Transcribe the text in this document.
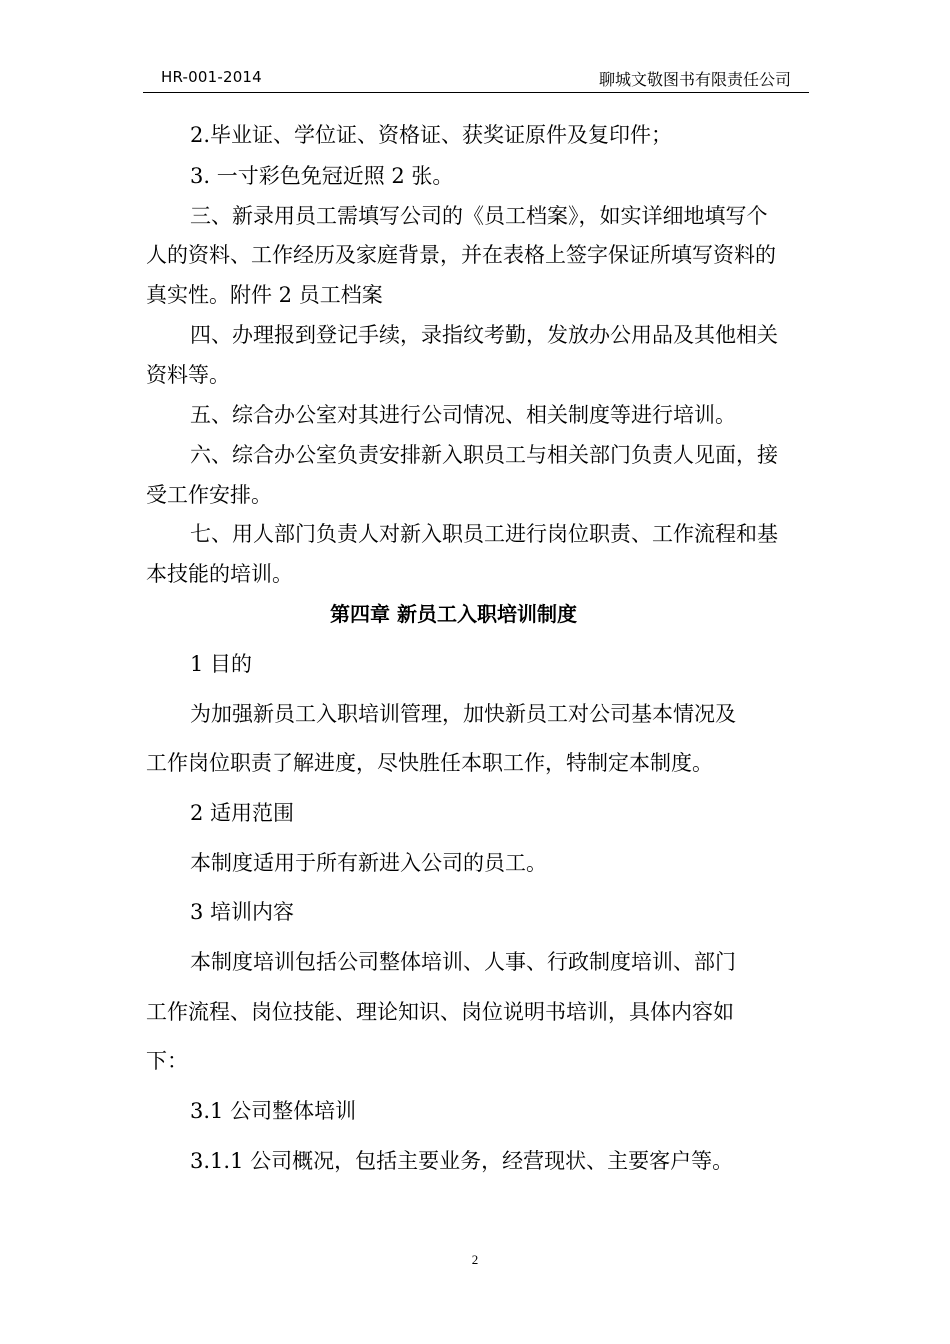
HR-001-2014	聊城文敬图书有限责任公司
2.毕业证、学位证、资格证、获奖证原件及复印件；
3. 一寸彩色免冠近照 2 张。
三、新录用员工需填写公司的《员工档案》，如实详细地填写个
人的资料、工作经历及家庭背景，并在表格上签字保证所填写资料的
真实性。附件 2 员工档案
四、办理报到登记手续，录指纹考勤，发放办公用品及其他相关
资料等。
五、综合办公室对其进行公司情况、相关制度等进行培训。
六、综合办公室负责安排新入职员工与相关部门负责人见面，接
受工作安排。
七、用人部门负责人对新入职员工进行岗位职责、工作流程和基
本技能的培训。
第四章 新员工入职培训制度
1 目的
为加强新员工入职培训管理，加快新员工对公司基本情况及
工作岗位职责了解进度，尽快胜任本职工作，特制定本制度。
2 适用范围
本制度适用于所有新进入公司的员工。
3 培训内容
本制度培训包括公司整体培训、人事、行政制度培训、部门
工作流程、岗位技能、理论知识、岗位说明书培训，具体内容如
下：
3.1 公司整体培训
3.1.1 公司概况，包括主要业务，经营现状、主要客户等。
2
